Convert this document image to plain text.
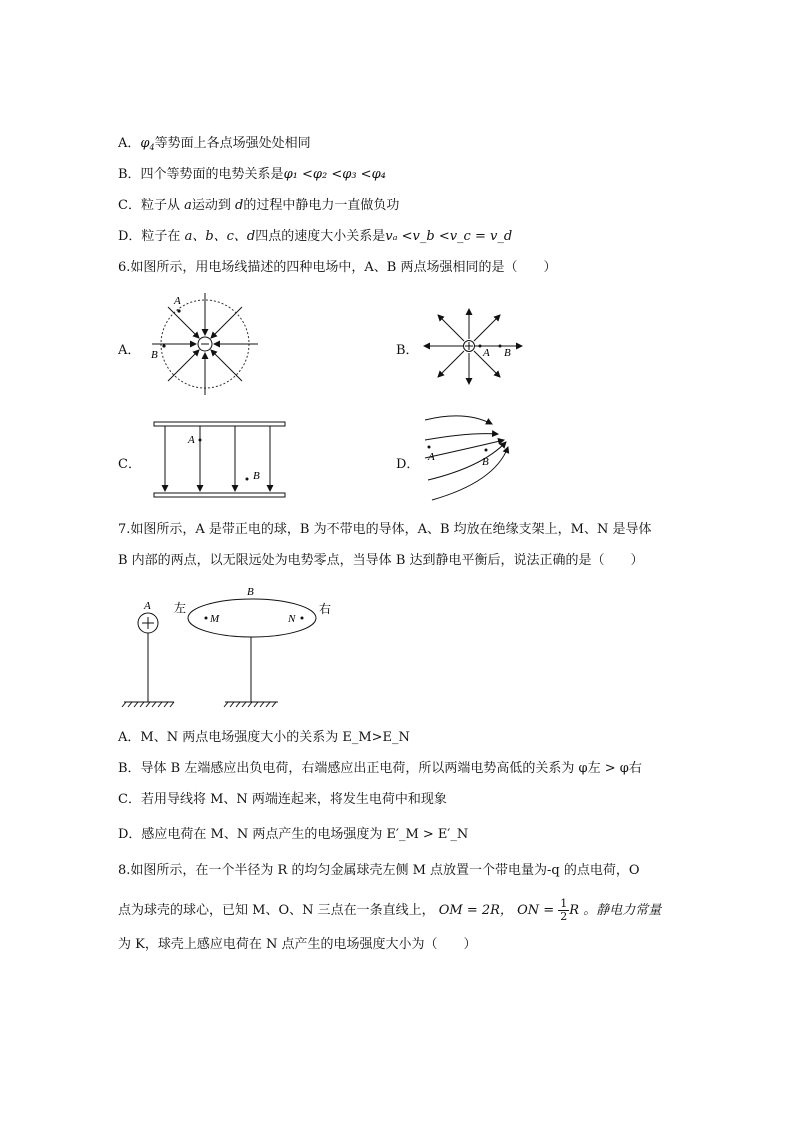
A．$\varphi_4$等势面上各点场强处处相同
B．四个等势面的电势关系是φ₁ <φ₂ <φ₃ <φ₄
C．粒子从 a运动到 d的过程中静电力一直做负功
D．粒子在 a、b、c、d四点的速度大小关系是vₐ <v_b <v_c = v_d
6.如图所示，用电场线描述的四种电场中，A、B 两点场强相同的是（　　）
A．	B．
C．	D．
A
B	A B
A
B
A	B
7.如图所示，A 是带正电的球，B 为不带电的导体，A、B 均放在绝缘支架上，M、N 是导体
B 内部的两点，以无限远处为电势零点，当导体 B 达到静电平衡后，说法正确的是（　　）
A 左
B
M	N
右
A．M、N 两点电场强度大小的关系为 E_M>E_N
B．导体 B 左端感应出负电荷，右端感应出正电荷，所以两端电势高低的关系为 φ左 > φ右
C．若用导线将 M、N 两端连起来，将发生电荷中和现象
D．感应电荷在 M、N 两点产生的电场强度为 E′_M > E′_N
8.如图所示，在一个半径为 R 的均匀金属球壳左侧 M 点放置一个带电量为-q 的点电荷，O
点为球壳的球心，已知 M、O、N 三点在一条直线上， OM = 2R， ON = $\frac{1}{2}$ R 。静电力常量
为 K，球壳上感应电荷在 N 点产生的电场强度大小为（　　）
